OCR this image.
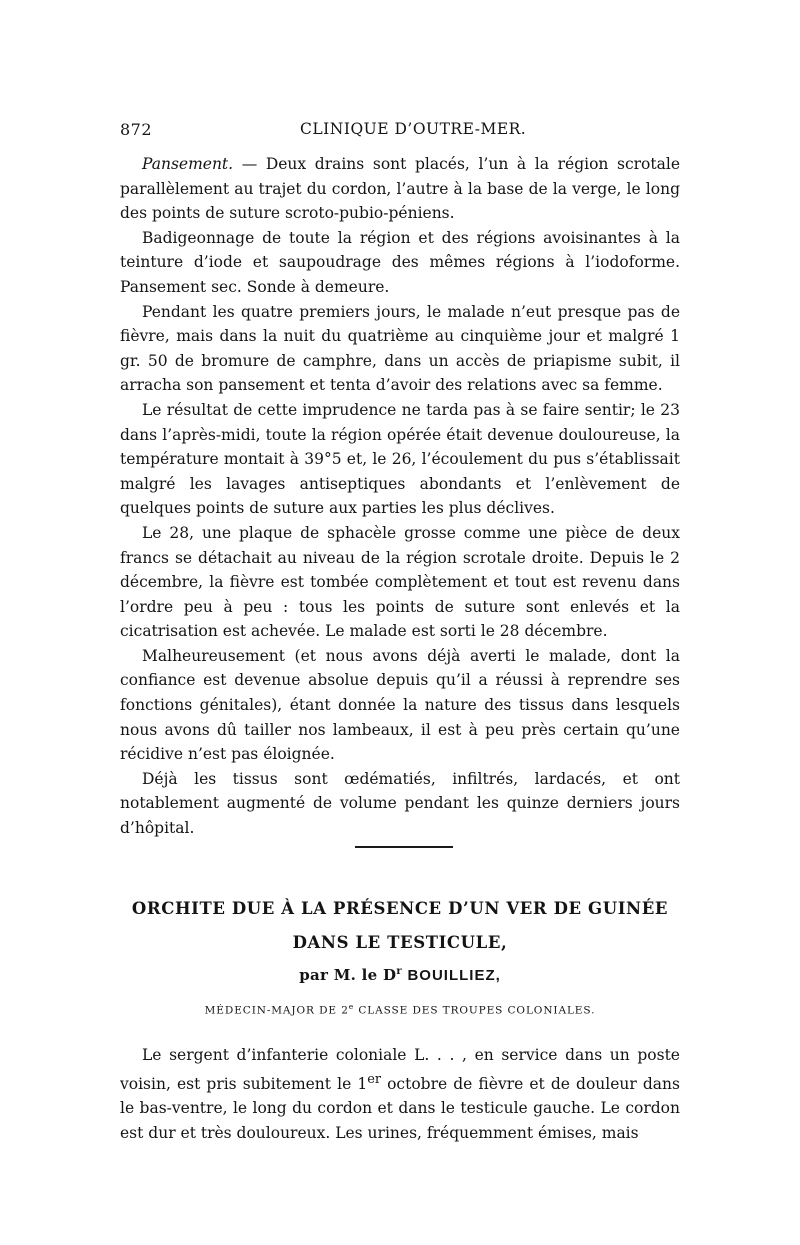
872	CLINIQUE D’OUTRE-MER.

Pansement. — Deux drains sont placés, l’un à la région scrotale parallèlement au trajet du cordon, l’autre à la base de la verge, le long des points de suture scroto-pubio-péniens.

Badigeonnage de toute la région et des régions avoisinantes à la teinture d’iode et saupoudrage des mêmes régions à l’iodoforme. Pansement sec. Sonde à demeure.

Pendant les quatre premiers jours, le malade n’eut presque pas de fièvre, mais dans la nuit du quatrième au cinquième jour et malgré 1 gr. 50 de bromure de camphre, dans un accès de priapisme subit, il arracha son pansement et tenta d’avoir des relations avec sa femme.

Le résultat de cette imprudence ne tarda pas à se faire sentir; le 23 dans l’après-midi, toute la région opérée était devenue douloureuse, la température montait à 39°5 et, le 26, l’écoulement du pus s’établissait malgré les lavages antiseptiques abondants et l’enlèvement de quelques points de suture aux parties les plus déclives.

Le 28, une plaque de sphacèle grosse comme une pièce de deux francs se détachait au niveau de la région scrotale droite. Depuis le 2 décembre, la fièvre est tombée complètement et tout est revenu dans l’ordre peu à peu : tous les points de suture sont enlevés et la cicatrisation est achevée. Le malade est sorti le 28 décembre.

Malheureusement (et nous avons déjà averti le malade, dont la confiance est devenue absolue depuis qu’il a réussi à reprendre ses fonctions génitales), étant donnée la nature des tissus dans lesquels nous avons dû tailler nos lambeaux, il est à peu près certain qu’une récidive n’est pas éloignée.

Déjà les tissus sont œdématiés, infiltrés, lardacés, et ont notablement augmenté de volume pendant les quinze derniers jours d’hôpital.

ORCHITE DUE À LA PRÉSENCE D’UN VER DE GUINÉE
DANS LE TESTICULE,
par M. le $D^r$ BOUILLIEZ,
MÉDECIN-MAJOR DE 2e CLASSE DES TROUPES COLONIALES.

Le sergent d’infanterie coloniale L. . . , en service dans un poste voisin, est pris subitement le 1er octobre de fièvre et de douleur dans le bas-ventre, le long du cordon et dans le testicule gauche. Le cordon est dur et très douloureux. Les urines, fréquemment émises, mais
